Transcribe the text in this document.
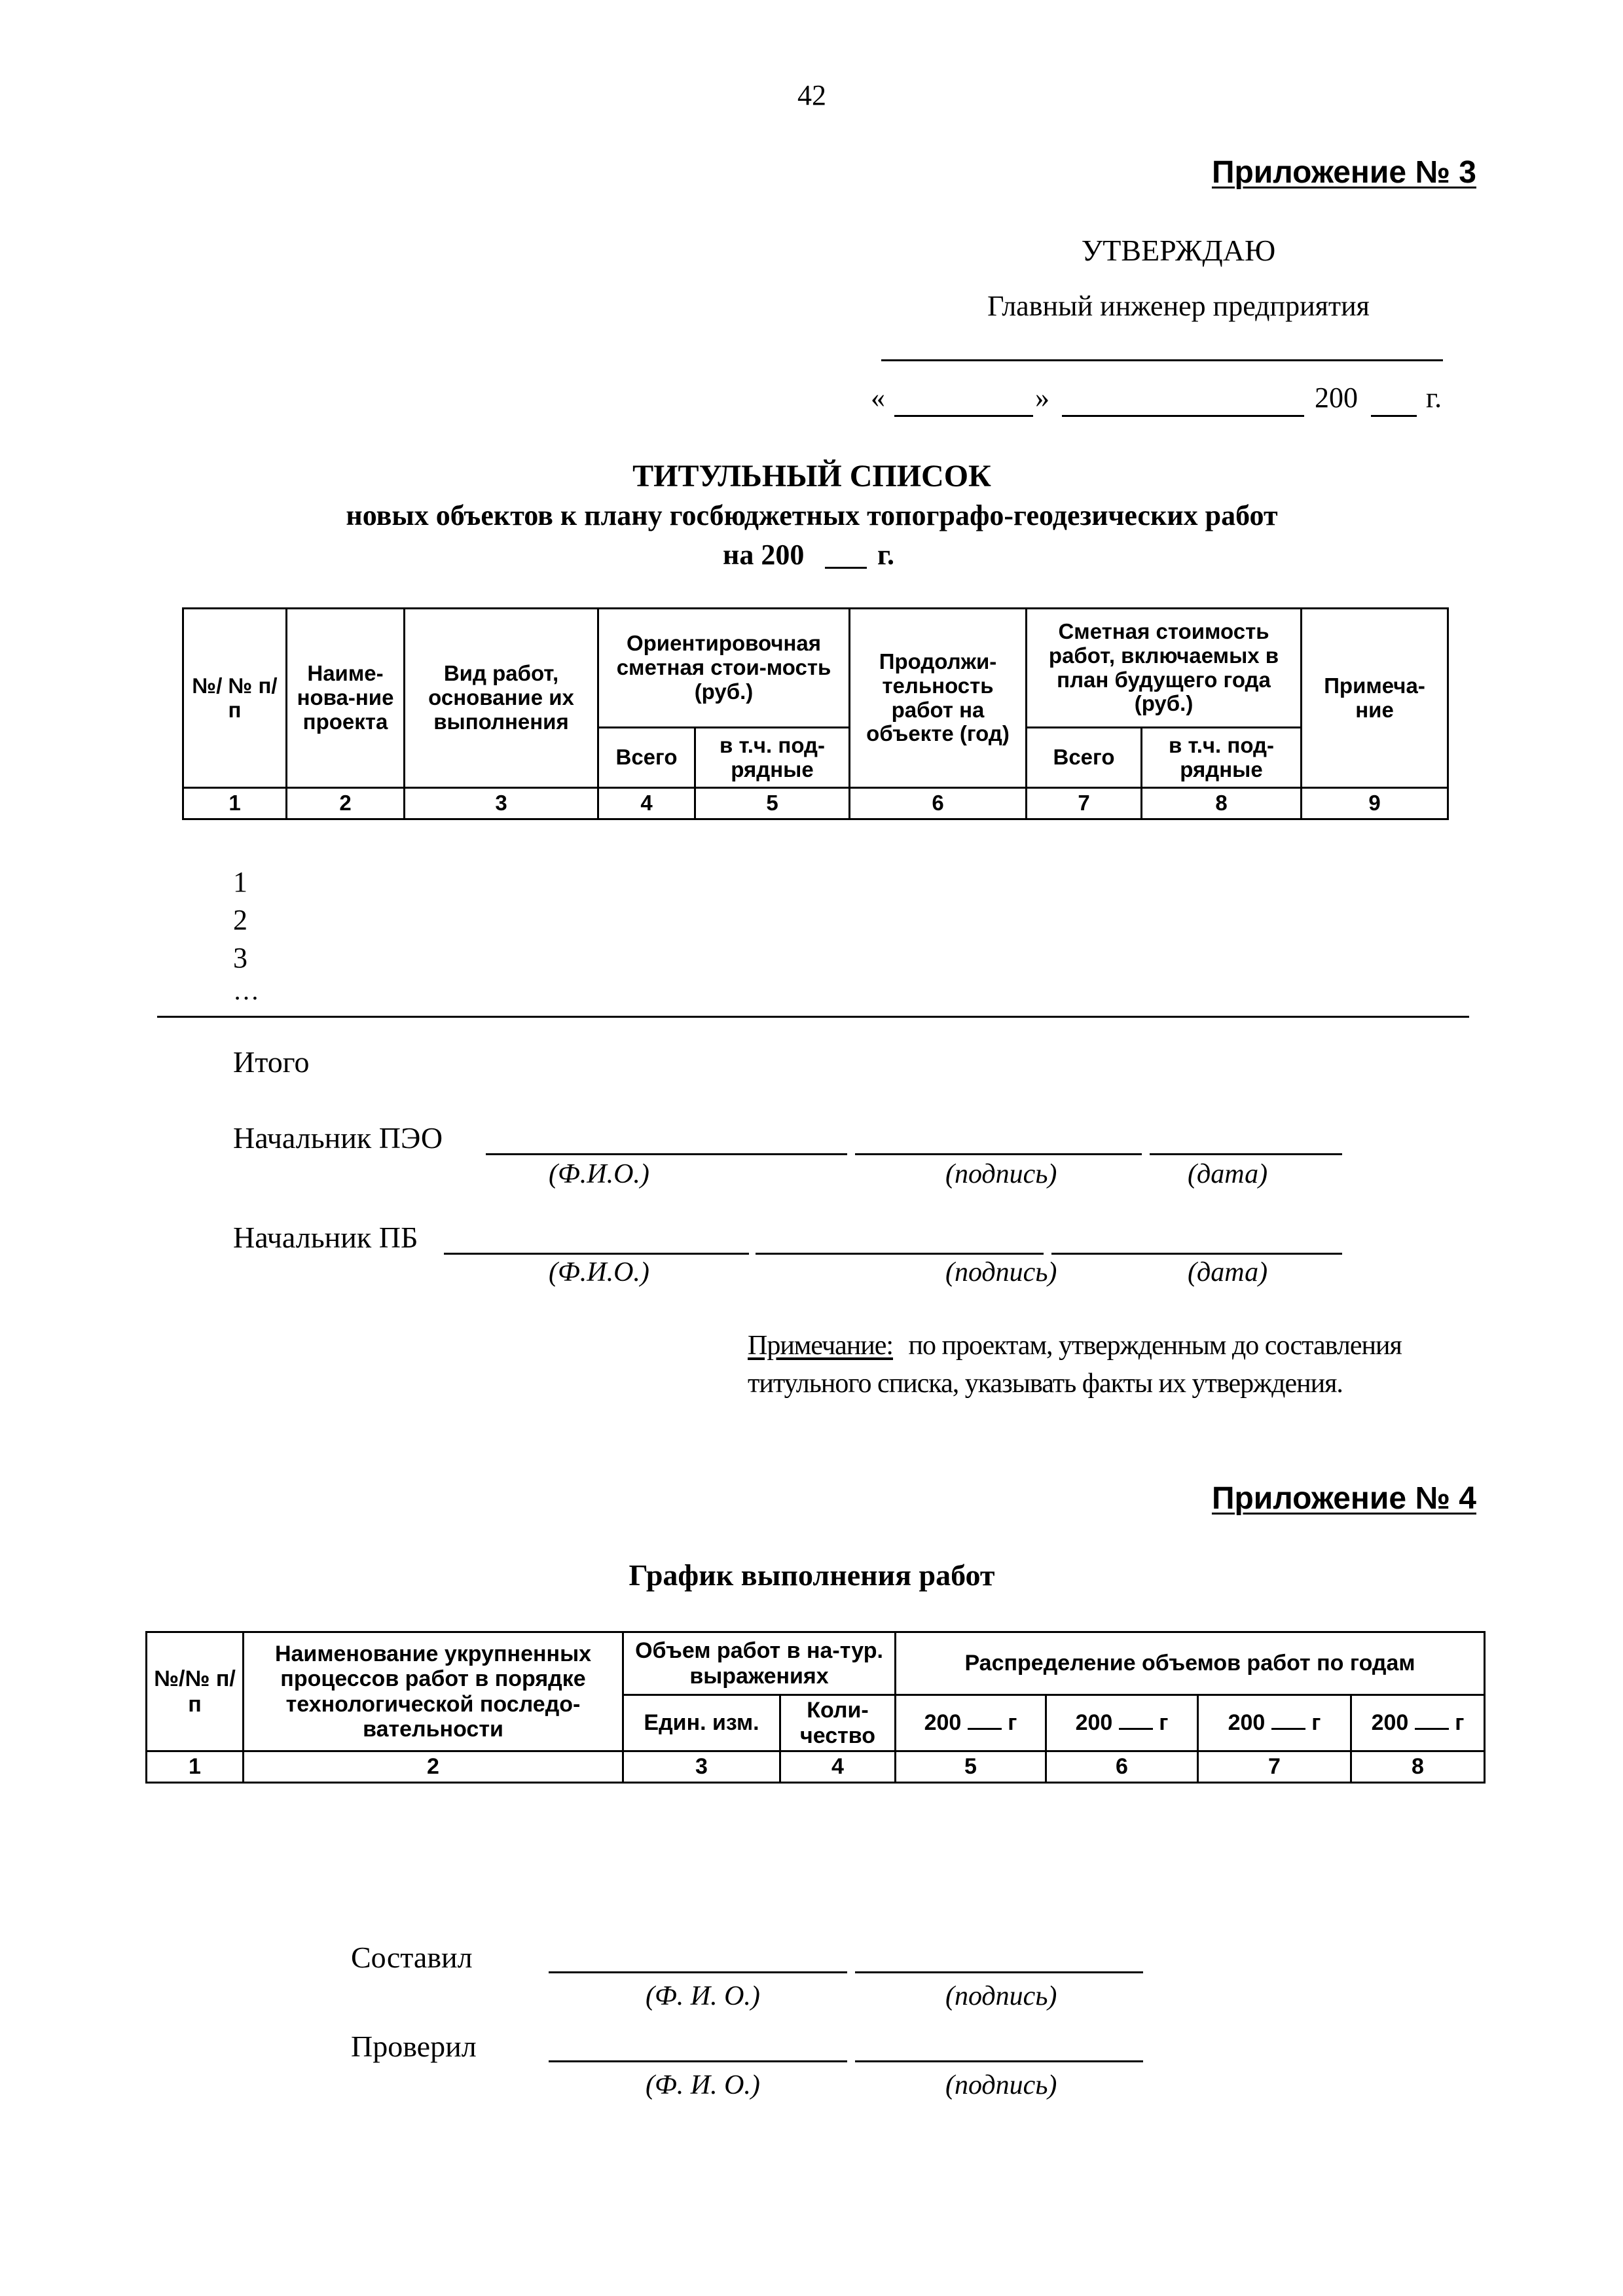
42
Приложение № 3
УТВЕРЖДАЮ
Главный инженер предприятия
«	»	200 г.
ТИТУЛЬНЫЙ СПИСОК
новых объектов к плану госбюджетных топографо-геодезических работ
на 200	г.
№/ № п/п	Наиме-нова-ние проекта	Вид работ, основание их выполнения	Ориентировочная сметная стои-мость (руб.)		Продолжи-тельность работ на объекте (год)	Сметная стоимость работ, включаемых в план будущего года (руб.)		Примеча-ние
			Всего	в т.ч. под-рядные		Всего	в т.ч. под-рядные	
1	2	3	4	5	6	7	8	9
1
2
3
…
Итого
Начальник ПЭО
(Ф.И.О.)	(подпись)	(дата)
Начальник ПБ
(Ф.И.О.)	(подпись)	(дата)
Примечание: по проектам, утвержденным до составления
титульного списка, указывать факты их утверждения.
Приложение № 4
График выполнения работ
№/№ п/п	Наименование укрупненных процессов работ в порядке технологической последо-вательности	Объем работ в на-тур. выражениях		Распределение объемов работ по годам			
		Един. изм.	Коли-чество	200 г	200 г	200 г	200 г
1	2	3	4	5	6	7	8
Составил
(Ф. И. О.)	(подпись)
Проверил
(Ф. И. О.)	(подпись)
